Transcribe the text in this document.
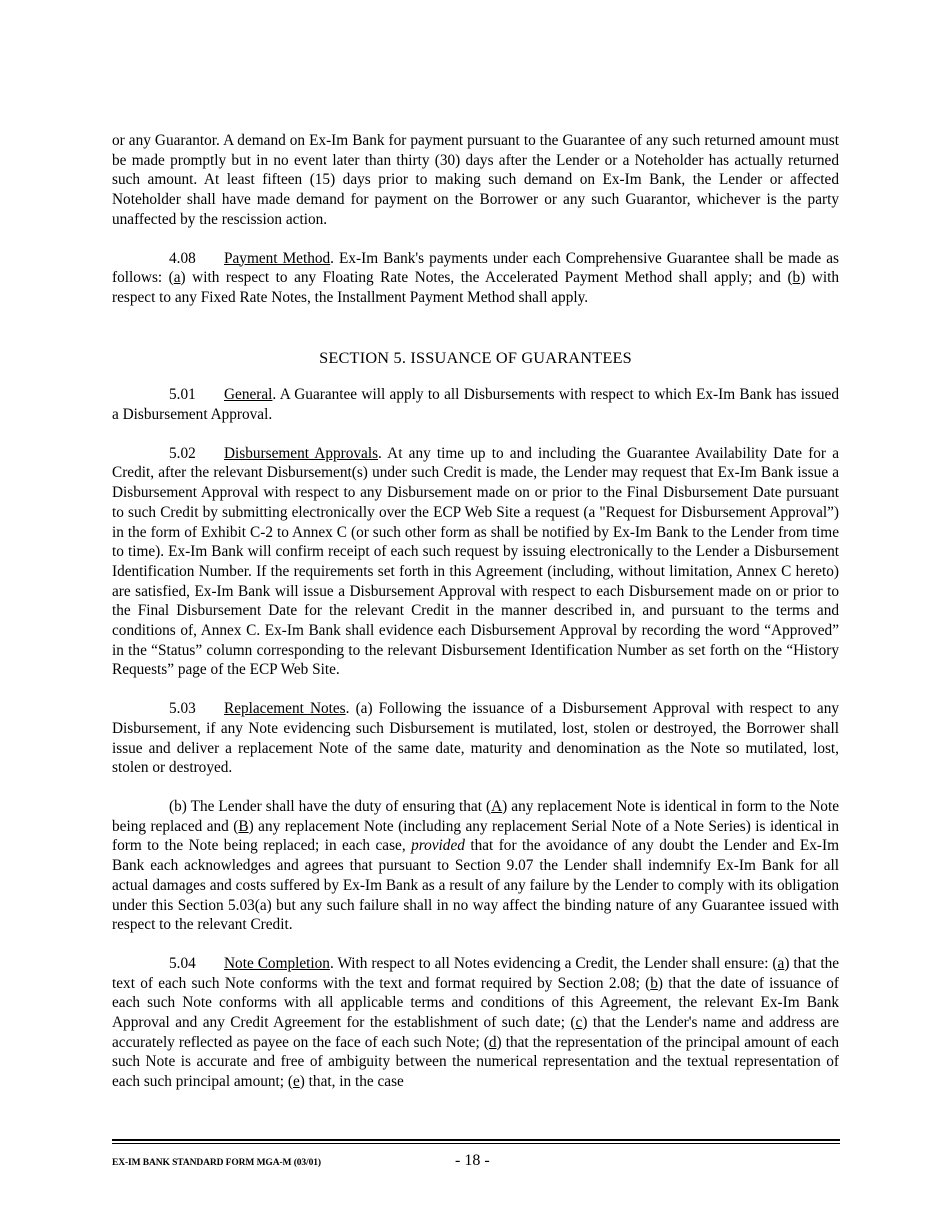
or any Guarantor. A demand on Ex-Im Bank for payment pursuant to the Guarantee of any such returned amount must be made promptly but in no event later than thirty (30) days after the Lender or a Noteholder has actually returned such amount. At least fifteen (15) days prior to making such demand on Ex-Im Bank, the Lender or affected Noteholder shall have made demand for payment on the Borrower or any such Guarantor, whichever is the party unaffected by the rescission action.

4.08 Payment Method. Ex-Im Bank's payments under each Comprehensive Guarantee shall be made as follows: (a) with respect to any Floating Rate Notes, the Accelerated Payment Method shall apply; and (b) with respect to any Fixed Rate Notes, the Installment Payment Method shall apply.

SECTION 5. ISSUANCE OF GUARANTEES

5.01 General. A Guarantee will apply to all Disbursements with respect to which Ex-Im Bank has issued a Disbursement Approval.

5.02 Disbursement Approvals. At any time up to and including the Guarantee Availability Date for a Credit, after the relevant Disbursement(s) under such Credit is made, the Lender may request that Ex-Im Bank issue a Disbursement Approval with respect to any Disbursement made on or prior to the Final Disbursement Date pursuant to such Credit by submitting electronically over the ECP Web Site a request (a "Request for Disbursement Approval”) in the form of Exhibit C-2 to Annex C (or such other form as shall be notified by Ex-Im Bank to the Lender from time to time). Ex-Im Bank will confirm receipt of each such request by issuing electronically to the Lender a Disbursement Identification Number. If the requirements set forth in this Agreement (including, without limitation, Annex C hereto) are satisfied, Ex-Im Bank will issue a Disbursement Approval with respect to each Disbursement made on or prior to the Final Disbursement Date for the relevant Credit in the manner described in, and pursuant to the terms and conditions of, Annex C. Ex-Im Bank shall evidence each Disbursement Approval by recording the word “Approved” in the “Status” column corresponding to the relevant Disbursement Identification Number as set forth on the “History Requests” page of the ECP Web Site.

5.03 Replacement Notes. (a) Following the issuance of a Disbursement Approval with respect to any Disbursement, if any Note evidencing such Disbursement is mutilated, lost, stolen or destroyed, the Borrower shall issue and deliver a replacement Note of the same date, maturity and denomination as the Note so mutilated, lost, stolen or destroyed.

(b) The Lender shall have the duty of ensuring that (A) any replacement Note is identical in form to the Note being replaced and (B) any replacement Note (including any replacement Serial Note of a Note Series) is identical in form to the Note being replaced; in each case, provided that for the avoidance of any doubt the Lender and Ex-Im Bank each acknowledges and agrees that pursuant to Section 9.07 the Lender shall indemnify Ex-Im Bank for all actual damages and costs suffered by Ex-Im Bank as a result of any failure by the Lender to comply with its obligation under this Section 5.03(a) but any such failure shall in no way affect the binding nature of any Guarantee issued with respect to the relevant Credit.

5.04 Note Completion. With respect to all Notes evidencing a Credit, the Lender shall ensure: (a) that the text of each such Note conforms with the text and format required by Section 2.08; (b) that the date of issuance of each such Note conforms with all applicable terms and conditions of this Agreement, the relevant Ex-Im Bank Approval and any Credit Agreement for the establishment of such date; (c) that the Lender's name and address are accurately reflected as payee on the face of each such Note; (d) that the representation of the principal amount of each such Note is accurate and free of ambiguity between the numerical representation and the textual representation of each such principal amount; (e) that, in the case

EX-IM BANK STANDARD FORM MGA-M (03/01)	- 18 -
